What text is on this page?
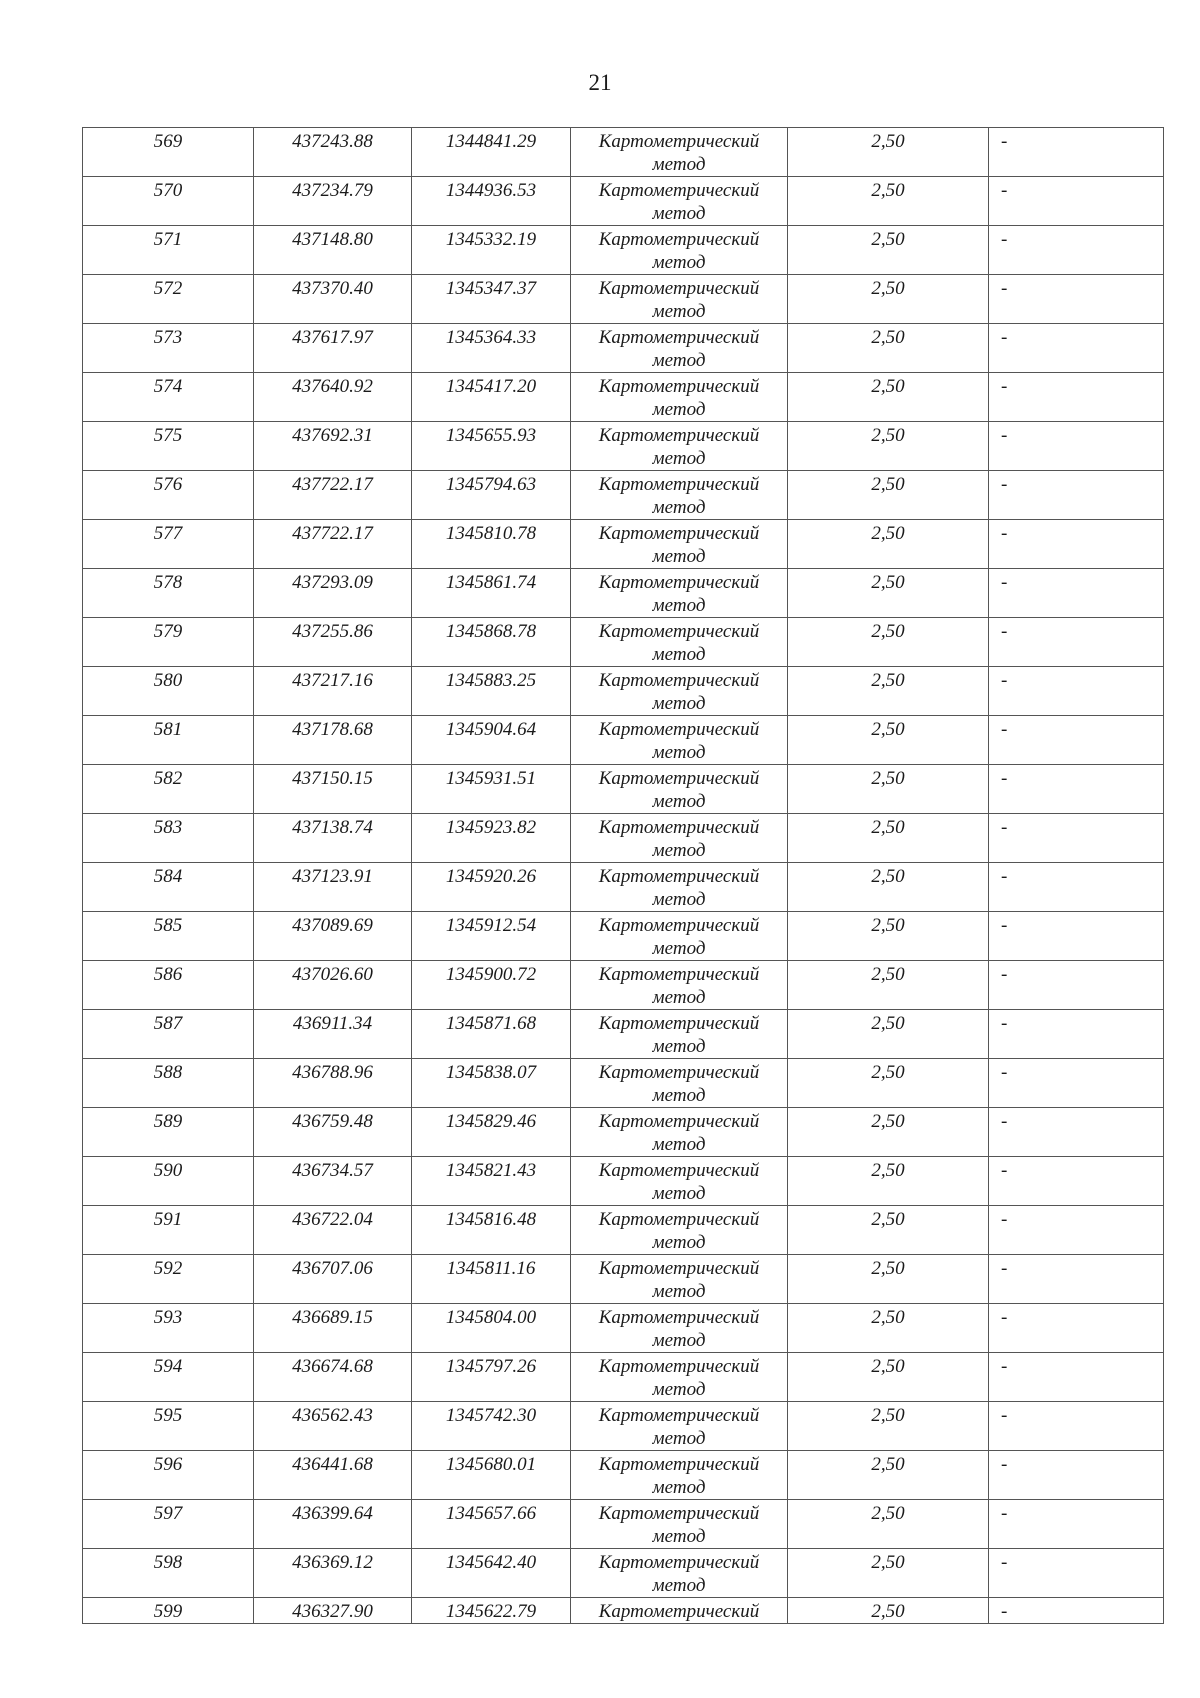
21
569	437243.88	1344841.29	Картометрический метод	2,50	-

570	437234.79	1344936.53	Картометрический метод	2,50	-

571	437148.80	1345332.19	Картометрический метод	2,50	-

572	437370.40	1345347.37	Картометрический метод	2,50	-

573	437617.97	1345364.33	Картометрический метод	2,50	-

574	437640.92	1345417.20	Картометрический метод	2,50	-

575	437692.31	1345655.93	Картометрический метод	2,50	-

576	437722.17	1345794.63	Картометрический метод	2,50	-

577	437722.17	1345810.78	Картометрический метод	2,50	-

578	437293.09	1345861.74	Картометрический метод	2,50	-

579	437255.86	1345868.78	Картометрический метод	2,50	-

580	437217.16	1345883.25	Картометрический метод	2,50	-

581	437178.68	1345904.64	Картометрический метод	2,50	-

582	437150.15	1345931.51	Картометрический метод	2,50	-

583	437138.74	1345923.82	Картометрический метод	2,50	-

584	437123.91	1345920.26	Картометрический метод	2,50	-

585	437089.69	1345912.54	Картометрический метод	2,50	-

586	437026.60	1345900.72	Картометрический метод	2,50	-

587	436911.34	1345871.68	Картометрический метод	2,50	-

588	436788.96	1345838.07	Картометрический метод	2,50	-

589	436759.48	1345829.46	Картометрический метод	2,50	-

590	436734.57	1345821.43	Картометрический метод	2,50	-

591	436722.04	1345816.48	Картометрический метод	2,50	-

592	436707.06	1345811.16	Картометрический метод	2,50	-

593	436689.15	1345804.00	Картометрический метод	2,50	-

594	436674.68	1345797.26	Картометрический метод	2,50	-

595	436562.43	1345742.30	Картометрический метод	2,50	-

596	436441.68	1345680.01	Картометрический метод	2,50	-

597	436399.64	1345657.66	Картометрический метод	2,50	-

598	436369.12	1345642.40	Картометрический метод	2,50	-

599	436327.90	1345622.79	Картометрический	2,50	-
